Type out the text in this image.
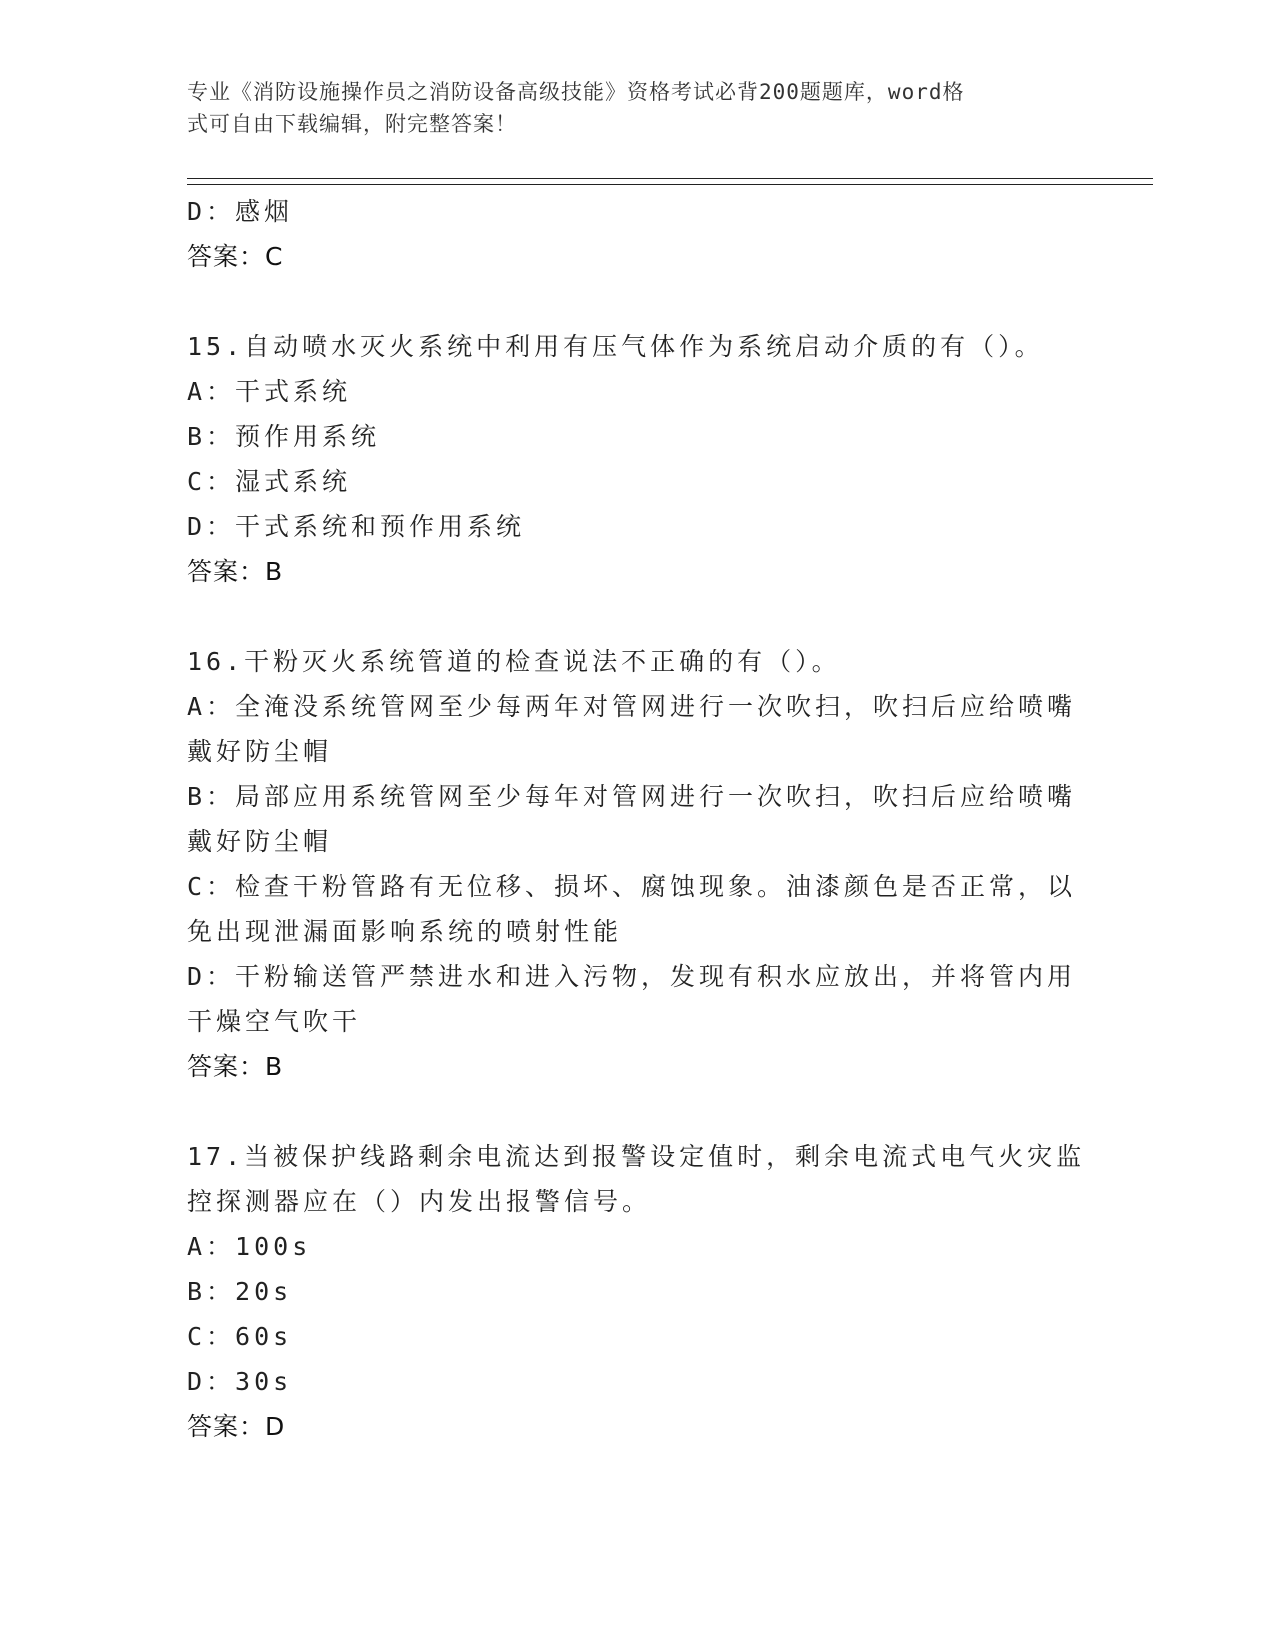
专业《消防设施操作员之消防设备高级技能》资格考试必背200题题库，word格
式可自由下载编辑，附完整答案！
D：感烟
答案：C
15.自动喷水灭火系统中利用有压气体作为系统启动介质的有（）。
A：干式系统
B：预作用系统
C：湿式系统
D：干式系统和预作用系统
答案：B
16.干粉灭火系统管道的检查说法不正确的有（）。
A：全淹没系统管网至少每两年对管网进行一次吹扫，吹扫后应给喷嘴
戴好防尘帽
B：局部应用系统管网至少每年对管网进行一次吹扫，吹扫后应给喷嘴
戴好防尘帽
C：检查干粉管路有无位移、损坏、腐蚀现象。油漆颜色是否正常，以
免出现泄漏面影响系统的喷射性能
D：干粉输送管严禁进水和进入污物，发现有积水应放出，并将管内用
干燥空气吹干
答案：B
17.当被保护线路剩余电流达到报警设定值时，剩余电流式电气火灾监
控探测器应在（）内发出报警信号。
A：100s
B：20s
C：60s
D：30s
答案：D
